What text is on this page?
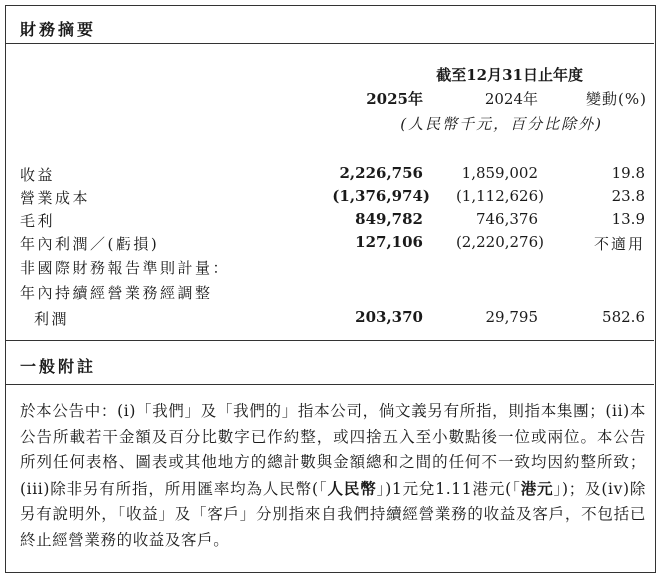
財務摘要
截至12月31日止年度
2025年	2024年	變動(%)
(人民幣千元，百分比除外)
收益	2,226,756	1,859,002	19.8
營業成本	(1,376,974) (1,112,626)	23.8
毛利	849,782	746,376	13.9
年內利潤／(虧損)	127,106 (2,220,276)	不適用
非國際財務報告準則計量：
年內持續經營業務經調整
利潤	203,370	29,795	582.6
一般附註
於本公告中：(i)「我們」及「我們的」指本公司，倘文義另有所指，則指本集團；(ii)本公告所載若干金額及百分比數字已作約整，或四捨五入至小數點後一位或兩位。本公告所列任何表格、圖表或其他地方的總計數與金額總和之間的任何不一致均因約整所致；(iii)除非另有所指，所用匯率均為人民幣(「人民幣」)1元兌1.11港元(「港元」)；及(iv)除另有說明外，「收益」及「客戶」分別指來自我們持續經營業務的收益及客戶，不包括已終止經營業務的收益及客戶。
